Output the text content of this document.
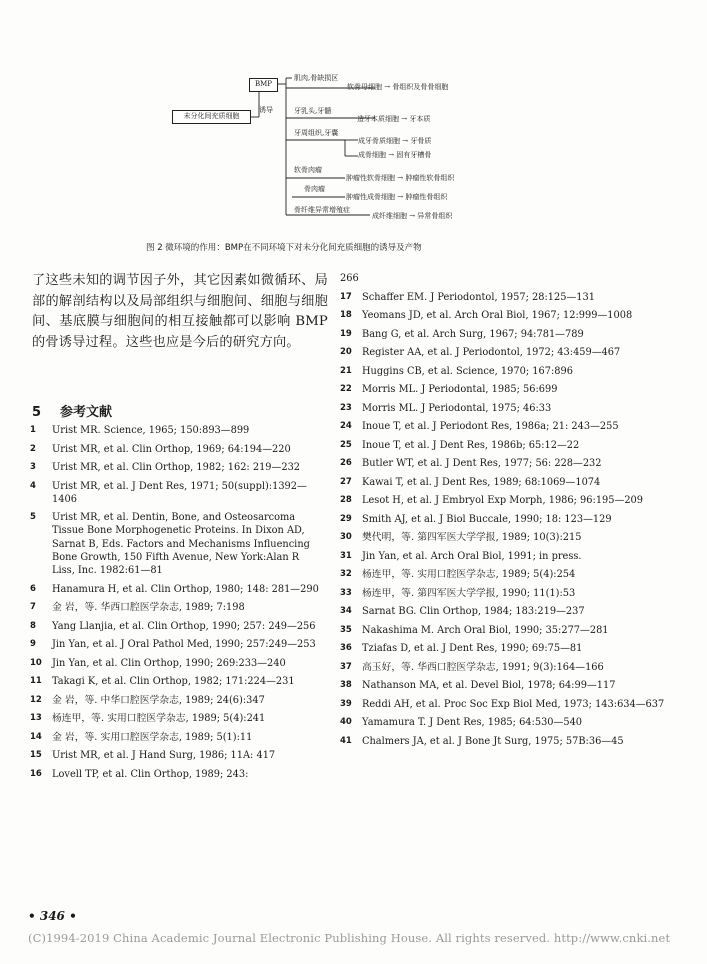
BMP
诱导
未分化间充质细胞
肌肉,骨缺损区
软骨母细胞 → 骨组织及骨骨细胞
牙乳头,牙髓
造牙本质细胞 → 牙本质
牙周组织,牙囊
成牙骨质细胞 → 牙骨质
成骨细胞 → 固有牙槽骨
软骨肉瘤
肿瘤性软骨细胞 → 肿瘤性软骨组织
骨肉瘤
肿瘤性成骨细胞 → 肿瘤性骨组织
骨纤维异常增殖症
成纤维细胞 → 异常骨组织
图 2 微环境的作用：BMP在不同环境下对未分化间充质细胞的诱导及产物
了这些未知的调节因子外，其它因素如微循环、局部的解剖结构以及局部组织与细胞间、细胞与细胞间、基底膜与细胞间的相互接触都可以影响 BMP 的骨诱导过程。这些也应是今后的研究方向。
5 参考文献
1	Urist MR. Science, 1965; 150:893—899
2	Urist MR, et al. Clin Orthop, 1969; 64:194—220
3	Urist MR, et al. Clin Orthop, 1982; 162: 219—232
4	Urist MR, et al. J Dent Res, 1971; 50(suppl):1392—1406
5	Urist MR, et al. Dentin, Bone, and Osteosarcoma Tissue Bone Morphogenetic Proteins. In Dixon AD, Sarnat B, Eds. Factors and Mechanisms Influencing Bone Growth, 150 Fifth Avenue, New York:Alan R Liss, Inc. 1982:61—81
6	Hanamura H, et al. Clin Orthop, 1980; 148: 281—290
7	金 岩，等. 华西口腔医学杂志, 1989; 7:198
8	Yang Llanjia, et al. Clin Orthop, 1990; 257: 249—256
9	Jin Yan, et al. J Oral Pathol Med, 1990; 257:249—253
10	Jin Yan, et al. Clin Orthop, 1990; 269:233—240
11	Takagi K, et al. Clin Orthop, 1982; 171:224—231
12	金 岩，等. 中华口腔医学杂志, 1989; 24(6):347
13	杨连甲，等. 实用口腔医学杂志, 1989; 5(4):241
14	金 岩，等. 实用口腔医学杂志, 1989; 5(1):11
15	Urist MR, et al. J Hand Surg, 1986; 11A: 417
16	Lovell TP, et al. Clin Orthop, 1989; 243:
266
17	Schaffer EM. J Periodontol, 1957; 28:125—131
18	Yeomans JD, et al. Arch Oral Biol, 1967; 12:999—1008
19	Bang G, et al. Arch Surg, 1967; 94:781—789
20	Register AA, et al. J Periodontol, 1972; 43:459—467
21	Huggins CB, et al. Science, 1970; 167:896
22	Morris ML. J Periodontal, 1985; 56:699
23	Morris ML. J Periodontal, 1975; 46:33
24	Inoue T, et al. J Periodont Res, 1986a; 21: 243—255
25	Inoue T, et al. J Dent Res, 1986b; 65:12—22
26	Butler WT, et al. J Dent Res, 1977; 56: 228—232
27	Kawai T, et al. J Dent Res, 1989; 68:1069—1074
28	Lesot H, et al. J Embryol Exp Morph, 1986; 96:195—209
29	Smith AJ, et al. J Biol Buccale, 1990; 18: 123—129
30	樊代明，等. 第四军医大学学报, 1989; 10(3):215
31	Jin Yan, et al. Arch Oral Biol, 1991; in press.
32	杨连甲，等. 实用口腔医学杂志, 1989; 5(4):254
33	杨连甲，等. 第四军医大学学报, 1990; 11(1):53
34	Sarnat BG. Clin Orthop, 1984; 183:219—237
35	Nakashima M. Arch Oral Biol, 1990; 35:277—281
36	Tziafas D, et al. J Dent Res, 1990; 69:75—81
37	高玉好，等. 华西口腔医学杂志, 1991; 9(3):164—166
38	Nathanson MA, et al. Devel Biol, 1978; 64:99—117
39	Reddi AH, et al. Proc Soc Exp Biol Med, 1973; 143:634—637
40	Yamamura T. J Dent Res, 1985; 64:530—540
41	Chalmers JA, et al. J Bone Jt Surg, 1975; 57B:36—45
• 346 •
(C)1994-2019 China Academic Journal Electronic Publishing House. All rights reserved. http://www.cnki.net
